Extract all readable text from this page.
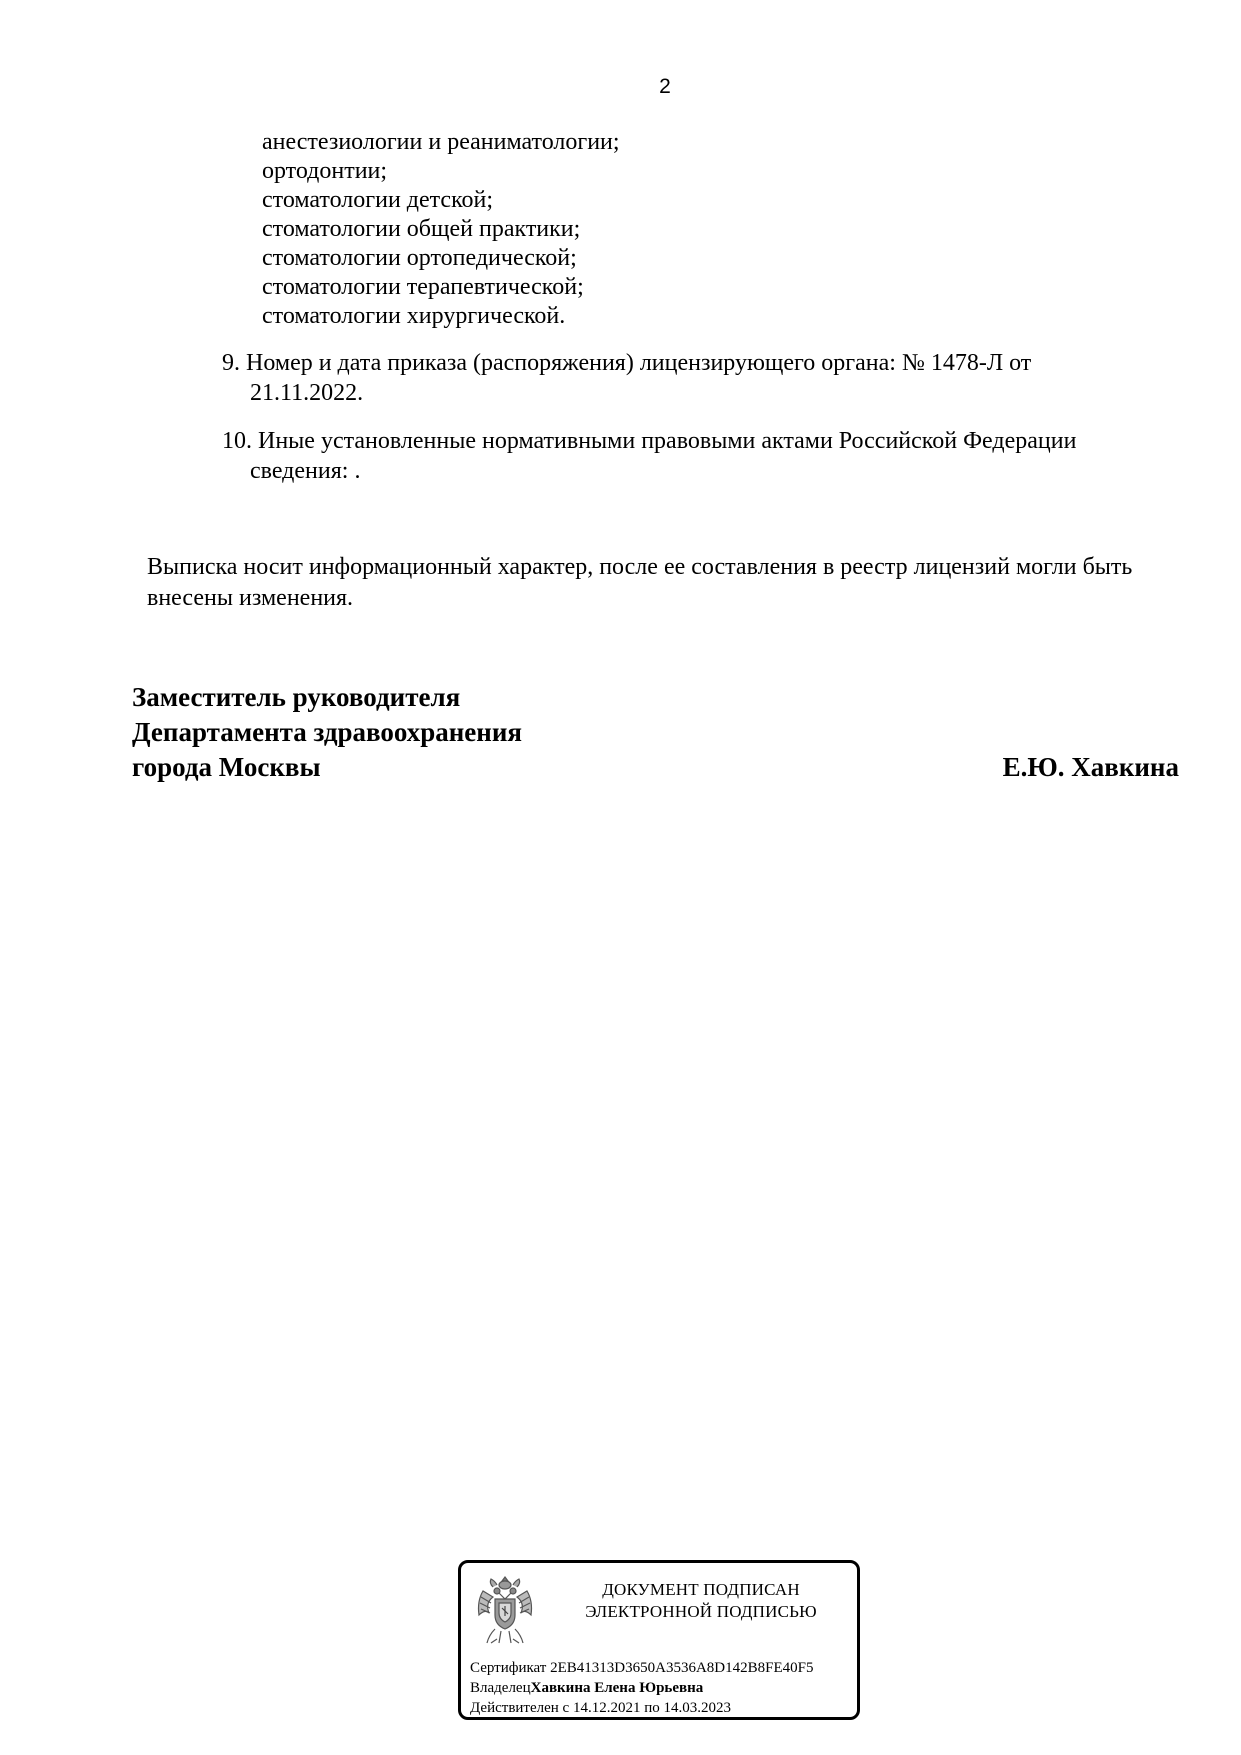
2
анестезиологии и реаниматологии;
ортодонтии;
стоматологии детской;
стоматологии общей практики;
стоматологии ортопедической;
стоматологии терапевтической;
стоматологии хирургической.
9. Номер и дата приказа (распоряжения) лицензирующего органа: № 1478-Л от
21.11.2022.
10. Иные установленные нормативными правовыми актами Российской Федерации
сведения: .
Выписка носит информационный характер, после ее составления в реестр лицензий могли быть внесены изменения.
Заместитель руководителя
Департамента здравоохранения
города Москвы	Е.Ю. Хавкина
ДОКУМЕНТ ПОДПИСАН
ЭЛЕКТРОННОЙ ПОДПИСЬЮ
Сертификат 2EB41313D3650A3536A8D142B8FE40F5
ВладелецХавкина Елена Юрьевна
Действителен с 14.12.2021 по 14.03.2023
